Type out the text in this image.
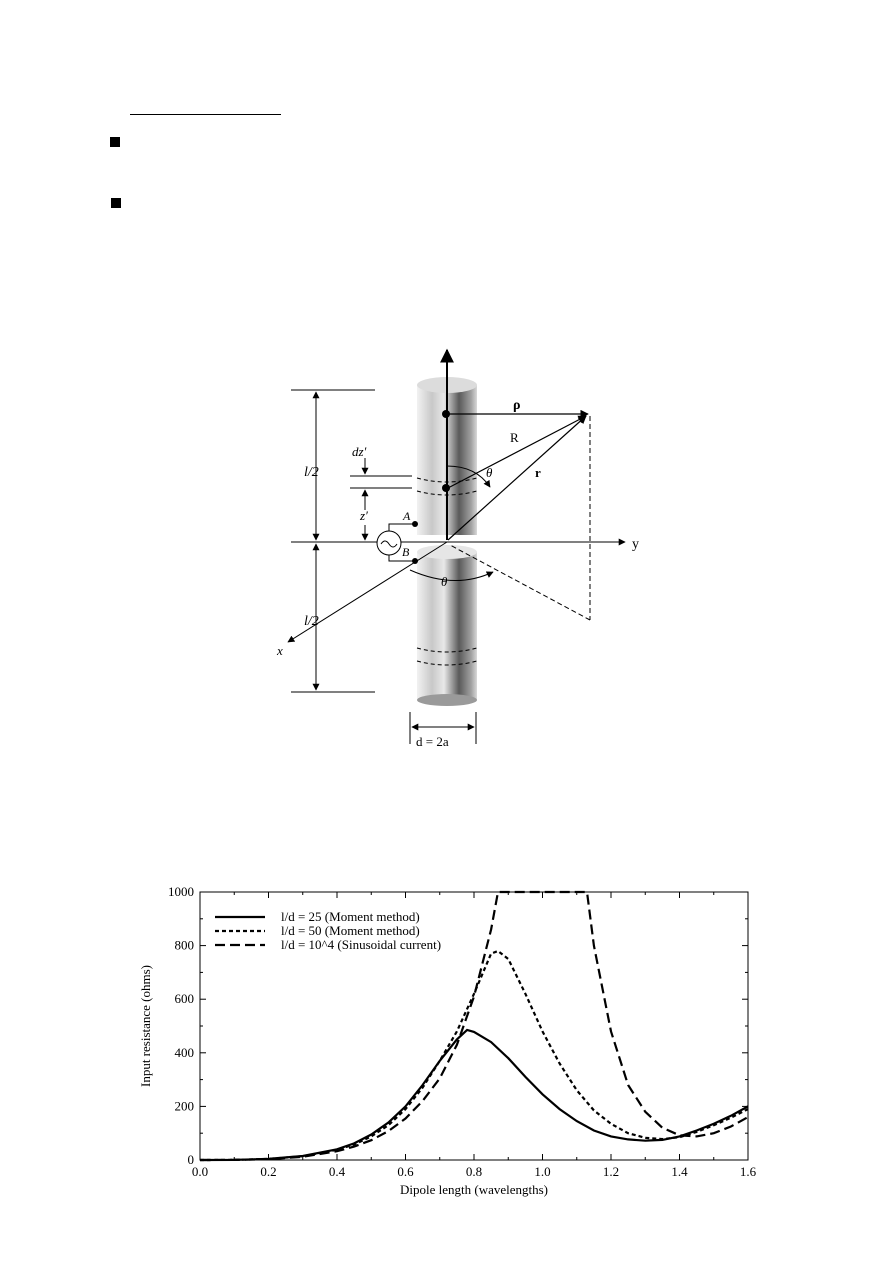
l/2
l/2
dz′
z′	A
B
ρ
R
r
θ
θ
y
x
d = 2a
0.0	0.2	0.4	0.6	0.8	1.0	1.2	1.4	1.6
0
200
400
600
800
1000
Dipole length (wavelengths)
Input resistance (ohms)
l/d = 25 (Moment method)
l/d = 50 (Moment method)
l/d = 10^4 (Sinusoidal current)
